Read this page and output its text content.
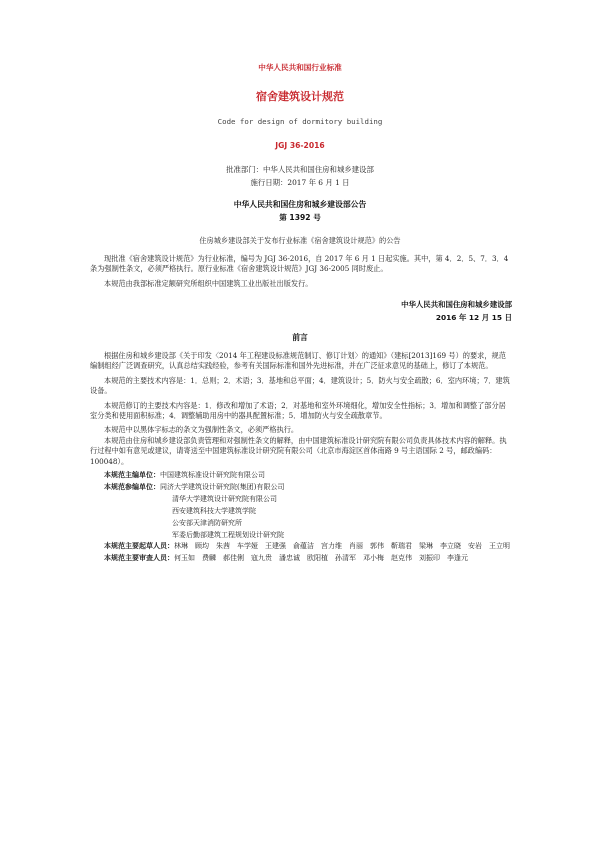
中华人民共和国行业标准
宿舍建筑设计规范
Code for design of dormitory building
JGJ 36-2016
批准部门：中华人民共和国住房和城乡建设部
施行日期：2017 年 6 月 1 日
中华人民共和国住房和城乡建设部公告
第 1392 号
住房城乡建设部关于发布行业标准《宿舍建筑设计规范》的公告
现批准《宿舍建筑设计规范》为行业标准，编号为 JGJ 36-2016，自 2017 年 6 月 1 日起实施。其中，第 4．2．5、7．3．4 条为强制性条文，必须严格执行。原行业标准《宿舍建筑设计规范》JGJ 36-2005 同时废止。
本规范由我部标准定额研究所组织中国建筑工业出版社出版发行。
中华人民共和国住房和城乡建设部
2016 年 12 月 15 日
前言
根据住房和城乡建设部《关于印发〈2014 年工程建设标准规范制订、修订计划〉的通知》（建标[2013]169 号）的要求，规范编制组经广泛调查研究，认真总结实践经验，参考有关国际标准和国外先进标准，并在广泛征求意见的基础上，修订了本规范。
本规范的主要技术内容是：1．总则；2．术语；3．基地和总平面；4．建筑设计；5．防火与安全疏散；6．室内环境；7．建筑设备。
本规范修订的主要技术内容是：1．修改和增加了术语；2．对基地和室外环境细化，增加安全性指标；3．增加和调整了部分居室分类和使用面积标准；4．调整辅助用房中的器具配置标准；5．增加防火与安全疏散章节。
本规范中以黑体字标志的条文为强制性条文，必须严格执行。
本规范由住房和城乡建设部负责管理和对强制性条文的解释，由中国建筑标准设计研究院有限公司负责具体技术内容的解释。执行过程中如有意见或建议，请寄送至中国建筑标准设计研究院有限公司（北京市海淀区首体南路 9 号主语国际 2 号，邮政编码：100048）。
本规范主编单位：中国建筑标准设计研究院有限公司
本规范参编单位：同济大学建筑设计研究院(集团)有限公司
清华大学建筑设计研究院有限公司
西安建筑科技大学建筑学院
公安部天津消防研究所
军委后勤部建筑工程规划设计研究院
本规范主要起草人员：林琳　顾均　朱茜　车学娅　王建强　俞蕴洁　宫力维　肖丽　郭伟　靳瑞君　梁琳　李立晓　安岩　王立明
本规范主要审查人员：何玉如　费麟　郝佳俐　寇九贵　潘忠诚　欧阳植　孙清军　邓小梅　赵克伟　刘振印　李逢元
